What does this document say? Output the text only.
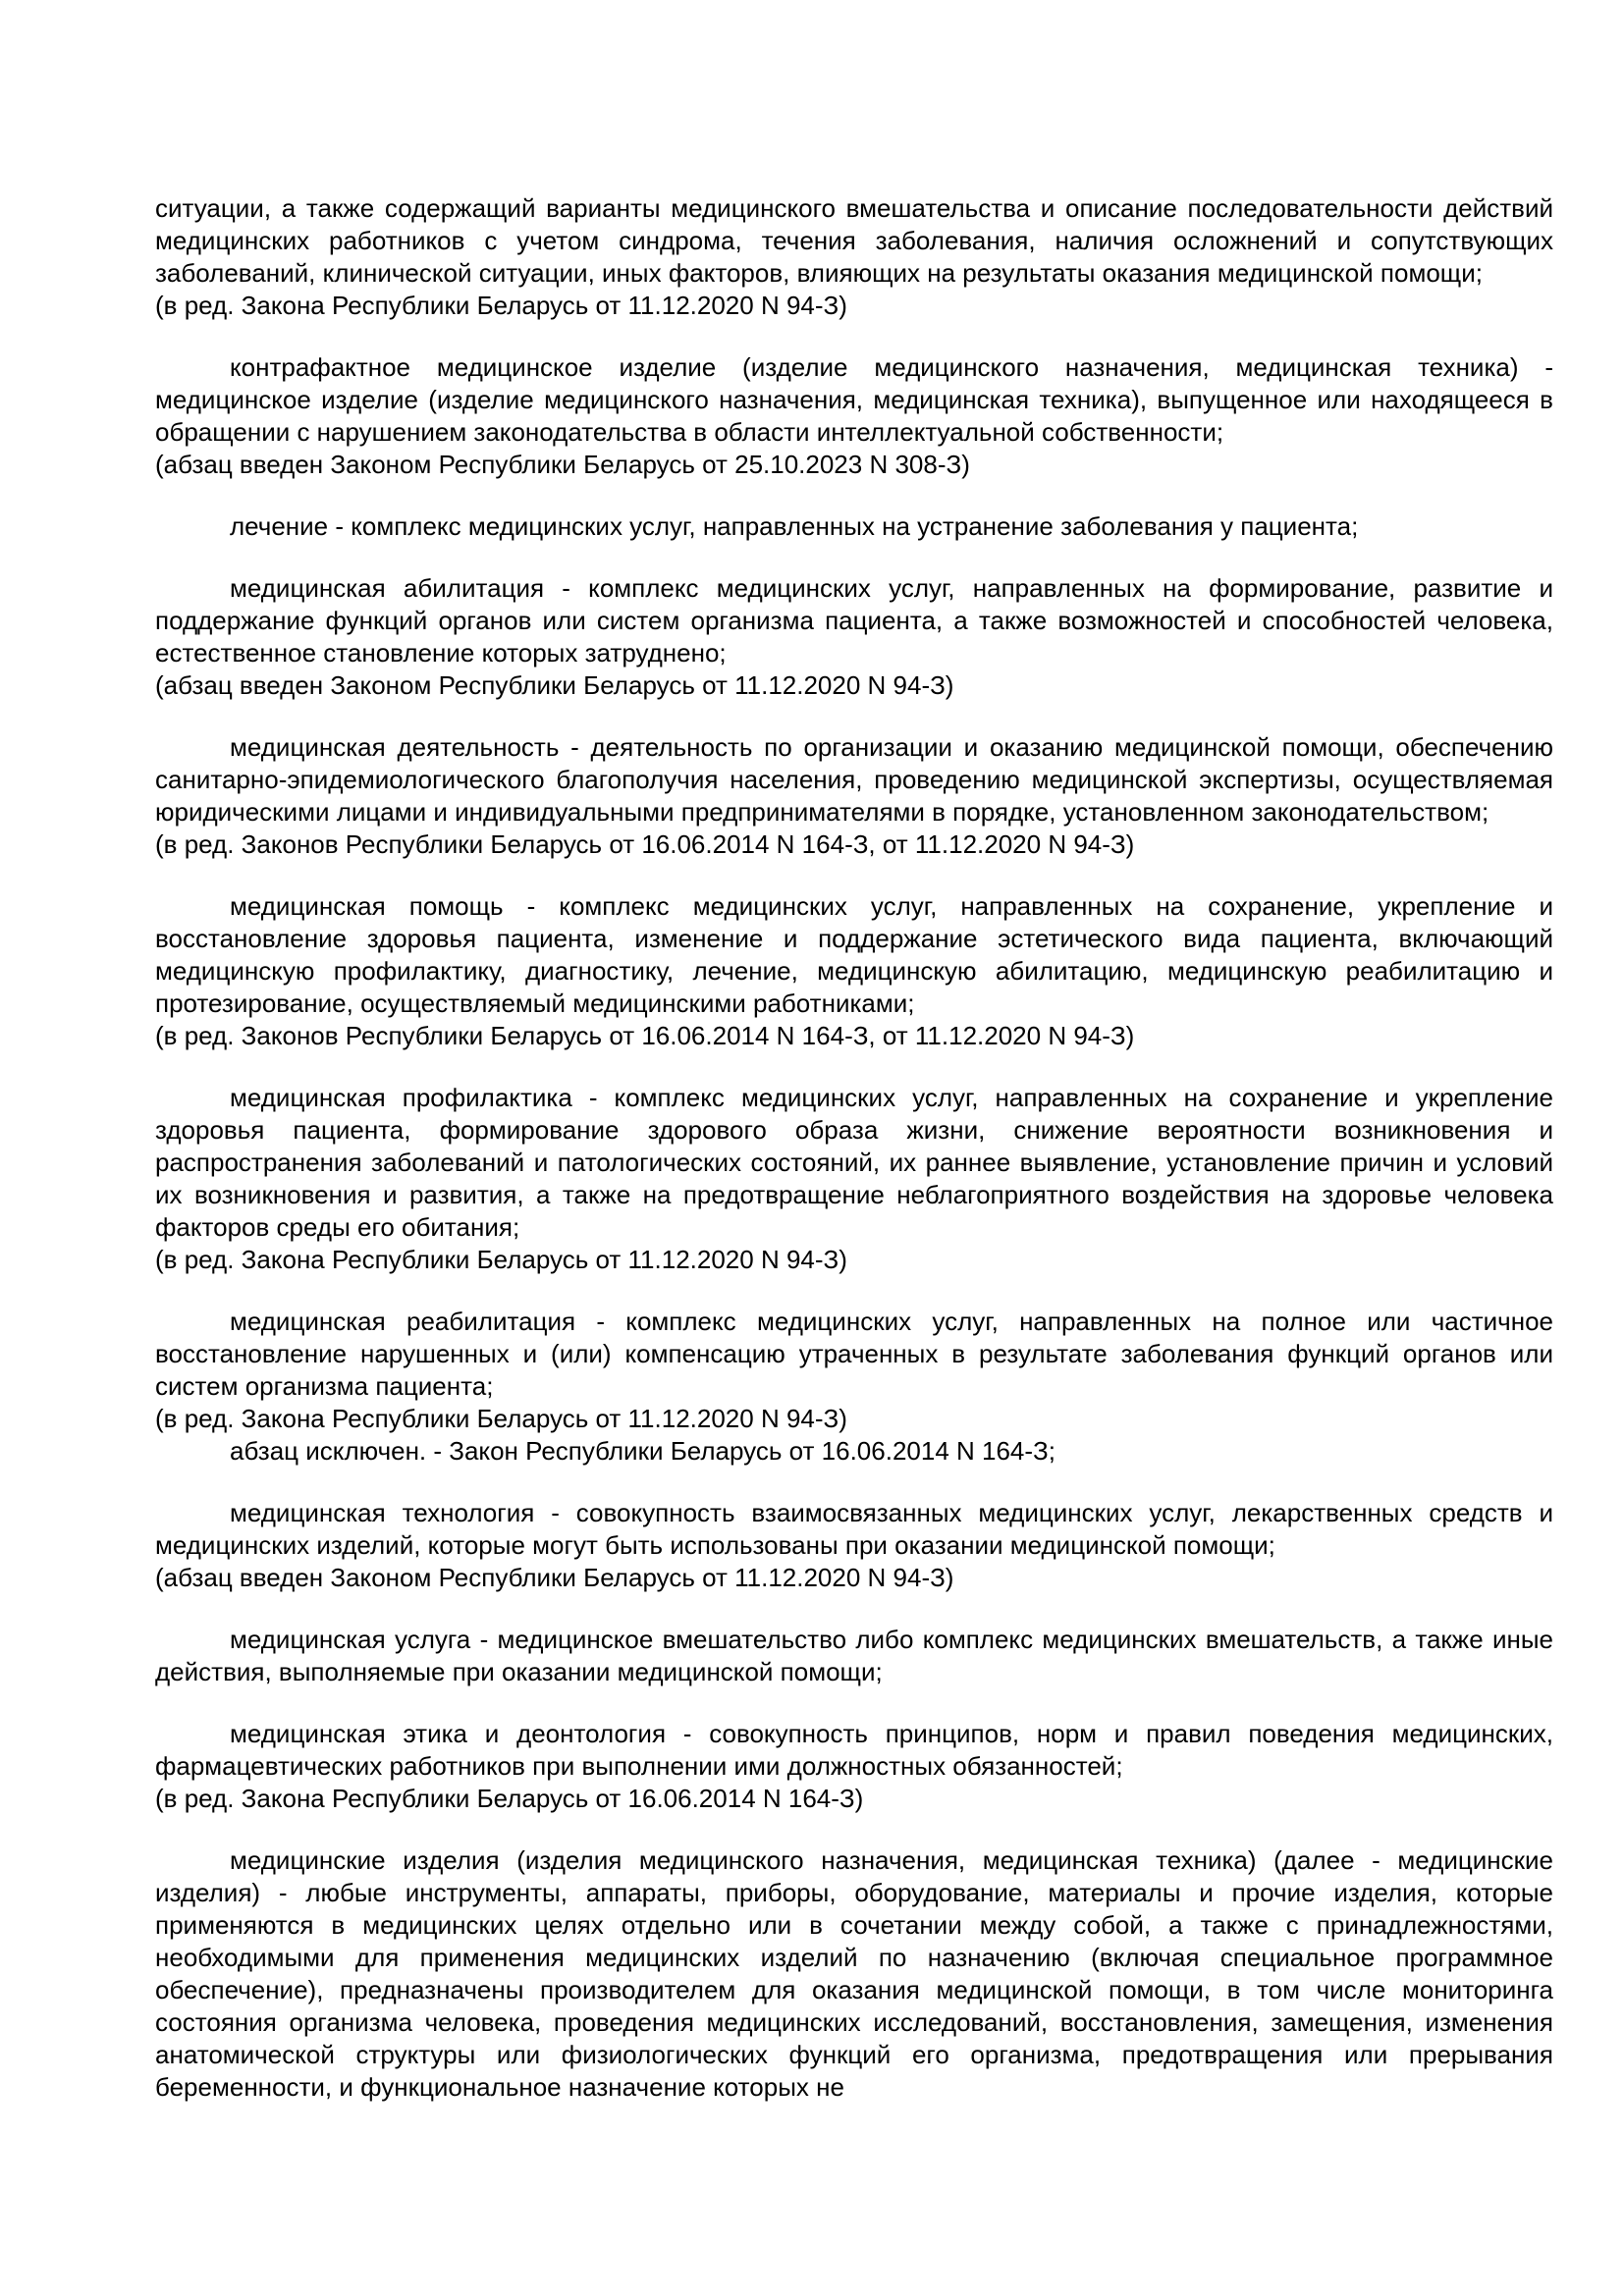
ситуации, а также содержащий варианты медицинского вмешательства и описание последовательности действий медицинских работников с учетом синдрома, течения заболевания, наличия осложнений и сопутствующих заболеваний, клинической ситуации, иных факторов, влияющих на результаты оказания медицинской помощи;

(в ред. Закона Республики Беларусь от 11.12.2020 N 94-З)

контрафактное медицинское изделие (изделие медицинского назначения, медицинская техника) - медицинское изделие (изделие медицинского назначения, медицинская техника), выпущенное или находящееся в обращении с нарушением законодательства в области интеллектуальной собственности;

(абзац введен Законом Республики Беларусь от 25.10.2023 N 308-З)

лечение - комплекс медицинских услуг, направленных на устранение заболевания у пациента;

медицинская абилитация - комплекс медицинских услуг, направленных на формирование, развитие и поддержание функций органов или систем организма пациента, а также возможностей и способностей человека, естественное становление которых затруднено;

(абзац введен Законом Республики Беларусь от 11.12.2020 N 94-З)

медицинская деятельность - деятельность по организации и оказанию медицинской помощи, обеспечению санитарно-эпидемиологического благополучия населения, проведению медицинской экспертизы, осуществляемая юридическими лицами и индивидуальными предпринимателями в порядке, установленном законодательством;

(в ред. Законов Республики Беларусь от 16.06.2014 N 164-З, от 11.12.2020 N 94-З)

медицинская помощь - комплекс медицинских услуг, направленных на сохранение, укрепление и восстановление здоровья пациента, изменение и поддержание эстетического вида пациента, включающий медицинскую профилактику, диагностику, лечение, медицинскую абилитацию, медицинскую реабилитацию и протезирование, осуществляемый медицинскими работниками;

(в ред. Законов Республики Беларусь от 16.06.2014 N 164-З, от 11.12.2020 N 94-З)

медицинская профилактика - комплекс медицинских услуг, направленных на сохранение и укрепление здоровья пациента, формирование здорового образа жизни, снижение вероятности возникновения и распространения заболеваний и патологических состояний, их раннее выявление, установление причин и условий их возникновения и развития, а также на предотвращение неблагоприятного воздействия на здоровье человека факторов среды его обитания;

(в ред. Закона Республики Беларусь от 11.12.2020 N 94-З)

медицинская реабилитация - комплекс медицинских услуг, направленных на полное или частичное восстановление нарушенных и (или) компенсацию утраченных в результате заболевания функций органов или систем организма пациента;

(в ред. Закона Республики Беларусь от 11.12.2020 N 94-З)

абзац исключен. - Закон Республики Беларусь от 16.06.2014 N 164-З;

медицинская технология - совокупность взаимосвязанных медицинских услуг, лекарственных средств и медицинских изделий, которые могут быть использованы при оказании медицинской помощи;

(абзац введен Законом Республики Беларусь от 11.12.2020 N 94-З)

медицинская услуга - медицинское вмешательство либо комплекс медицинских вмешательств, а также иные действия, выполняемые при оказании медицинской помощи;

медицинская этика и деонтология - совокупность принципов, норм и правил поведения медицинских, фармацевтических работников при выполнении ими должностных обязанностей;

(в ред. Закона Республики Беларусь от 16.06.2014 N 164-З)

медицинские изделия (изделия медицинского назначения, медицинская техника) (далее - медицинские изделия) - любые инструменты, аппараты, приборы, оборудование, материалы и прочие изделия, которые применяются в медицинских целях отдельно или в сочетании между собой, а также с принадлежностями, необходимыми для применения медицинских изделий по назначению (включая специальное программное обеспечение), предназначены производителем для оказания медицинской помощи, в том числе мониторинга состояния организма человека, проведения медицинских исследований, восстановления, замещения, изменения анатомической структуры или физиологических функций его организма, предотвращения или прерывания беременности, и функциональное назначение которых не
